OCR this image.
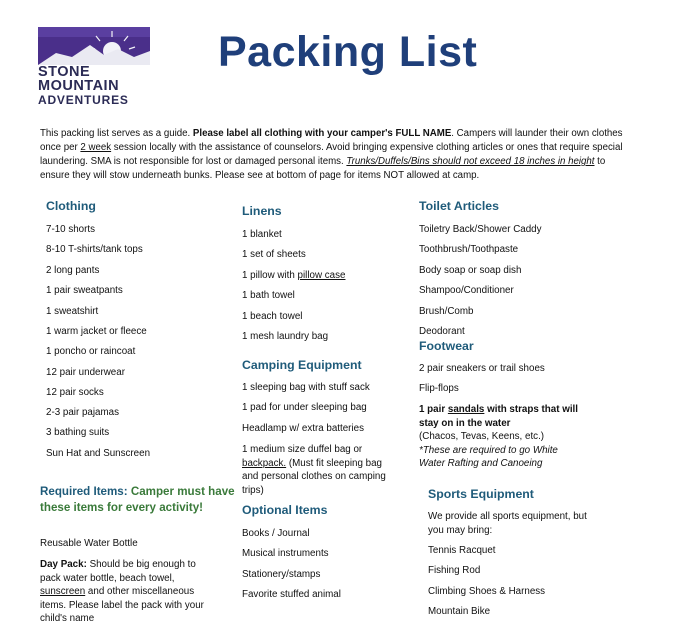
STONE
MOUNTAIN
ADVENTURES
Packing List
This packing list serves as a guide. Please label all clothing with your camper's FULL NAME. Campers will launder their own clothes once per 2 week session locally with the assistance of counselors. Avoid bringing expensive clothing articles or ones that require special laundering. SMA is not responsible for lost or damaged personal items. Trunks/Duffels/Bins should not exceed 18 inches in height to ensure they will stow underneath bunks. Please see at bottom of page for items NOT allowed at camp.
Clothing
7-10 shorts
8-10 T-shirts/tank tops
2 long pants
1 pair sweatpants
1 sweatshirt
1 warm jacket or fleece
1 poncho or raincoat
12 pair underwear
12 pair socks
2-3 pair pajamas
3 bathing suits
Sun Hat and Sunscreen
Required Items: Camper must have these items for every activity!
Reusable Water Bottle
Day Pack: Should be big enough to pack water bottle, beach towel, sunscreen and other miscellaneous items. Please label the pack with your child's name
Linens
1 blanket
1 set of sheets
1 pillow with pillow case
1 bath towel
1 beach towel
1 mesh laundry bag
Camping Equipment
1 sleeping bag with stuff sack
1 pad for under sleeping bag
Headlamp w/ extra batteries
1 medium size duffel bag or backpack. (Must fit sleeping bag and personal clothes on camping trips)
Optional Items
Books / Journal
Musical instruments
Stationery/stamps
Favorite stuffed animal
Toilet Articles
Toiletry Back/Shower Caddy
Toothbrush/Toothpaste
Body soap or soap dish
Shampoo/Conditioner
Brush/Comb
Deodorant
Footwear
2 pair sneakers or trail shoes
Flip-flops
1 pair sandals with straps that will stay on in the water
(Chacos, Tevas, Keens, etc.)
*These are required to go White Water Rafting and Canoeing
Sports Equipment
We provide all sports equipment, but you may bring:
Tennis Racquet
Fishing Rod
Climbing Shoes & Harness
Mountain Bike
